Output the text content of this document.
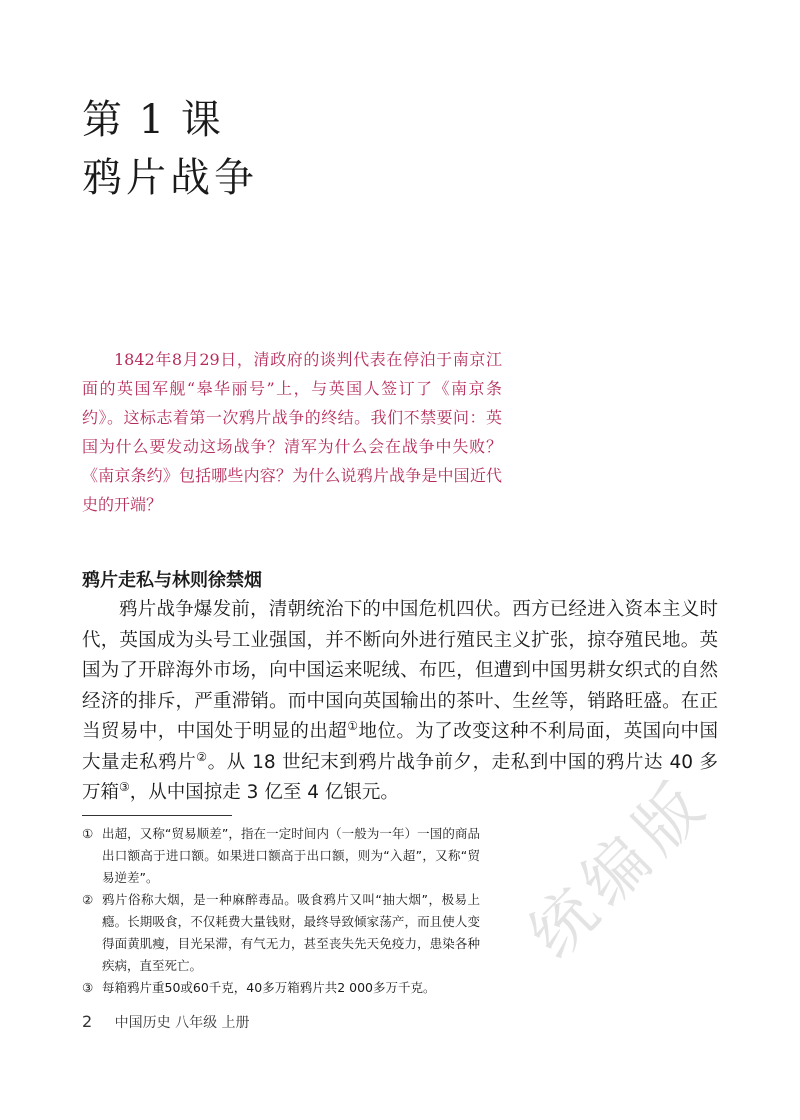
第 1 课
鸦片战争
1842年8月29日，清政府的谈判代表在停泊于南京江面的英国军舰“皋华丽号”上，与英国人签订了《南京条约》。这标志着第一次鸦片战争的终结。我们不禁要问：英国为什么要发动这场战争？清军为什么会在战争中失败？《南京条约》包括哪些内容？为什么说鸦片战争是中国近代史的开端？
鸦片走私与林则徐禁烟
鸦片战争爆发前，清朝统治下的中国危机四伏。西方已经进入资本主义时代，英国成为头号工业强国，并不断向外进行殖民主义扩张，掠夺殖民地。英国为了开辟海外市场，向中国运来呢绒、布匹，但遭到中国男耕女织式的自然经济的排斥，严重滞销。而中国向英国输出的茶叶、生丝等，销路旺盛。在正当贸易中，中国处于明显的出超①地位。为了改变这种不利局面，英国向中国大量走私鸦片②。从 18 世纪末到鸦片战争前夕，走私到中国的鸦片达 40 多万箱③，从中国掠走 3 亿至 4 亿银元。
① 出超，又称“贸易顺差”，指在一定时间内（一般为一年）一国的商品出口额高于进口额。如果进口额高于出口额，则为“入超”，又称“贸易逆差”。
② 鸦片俗称大烟，是一种麻醉毒品。吸食鸦片又叫“抽大烟”，极易上瘾。长期吸食，不仅耗费大量钱财，最终导致倾家荡产，而且使人变得面黄肌瘦，目光呆滞，有气无力，甚至丧失先天免疫力，患染各种疾病，直至死亡。
③ 每箱鸦片重50或60千克，40多万箱鸦片共2 000多万千克。
2 中国历史 八年级 上册
统编版
